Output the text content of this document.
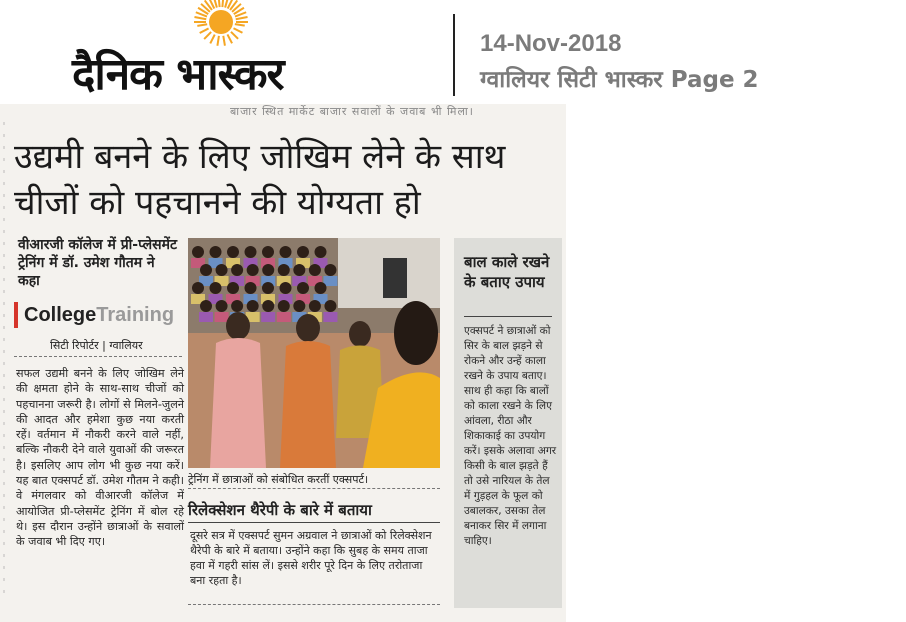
दैनिक भास्कर
14-Nov-2018
ग्वालियर सिटी भास्कर Page 2
बाजार स्थित मार्केट बाजार सवालों के जवाब भी मिला।
उद्यमी बनने के लिए जोखिम लेने के साथ चीजों को पहचानने की योग्यता हो
वीआरजी कॉलेज में प्री-प्लेसमेंट ट्रेनिंग में डॉ. उमेश गौतम ने कहा
CollegeTraining
सिटी रिपोर्टर | ग्वालियर
सफल उद्यमी बनने के लिए जोखिम लेने की क्षमता होने के साथ-साथ चीजों को पहचानना जरूरी है। लोगों से मिलने-जुलने की आदत और हमेशा कुछ नया करती रहें। वर्तमान में नौकरी करने वाले नहीं, बल्कि नौकरी देने वाले युवाओं की जरूरत है। इसलिए आप लोग भी कुछ नया करें। यह बात एक्सपर्ट डॉ. उमेश गौतम ने कही। वे मंगलवार को वीआरजी कॉलेज में आयोजित प्री-प्लेसमेंट ट्रेनिंग में बोल रहे थे। इस दौरान उन्होंने छात्राओं के सवालों के जवाब भी दिए गए।
ट्रेनिंग में छात्राओं को संबोधित करतीं एक्सपर्ट।
रिलेक्सेशन थैरेपी के बारे में बताया
दूसरे सत्र में एक्सपर्ट सुमन अग्रवाल ने छात्राओं को रिलेक्सेशन थैरेपी के बारे में बताया। उन्होंने कहा कि सुबह के समय ताजा हवा में गहरी सांस लें। इससे शरीर पूरे दिन के लिए तरोताजा बना रहता है।
बाल काले रखने के बताए उपाय
एक्सपर्ट ने छात्राओं को सिर के बाल झड़ने से रोकने और उन्हें काला रखने के उपाय बताए। साथ ही कहा कि बालों को काला रखने के लिए आंवला, रीठा और शिकाकाई का उपयोग करें। इसके अलावा अगर किसी के बाल झड़ते हैं तो उसे नारियल के तेल में गुड़हल के फूल को उबालकर, उसका तेल बनाकर सिर में लगाना चाहिए।
